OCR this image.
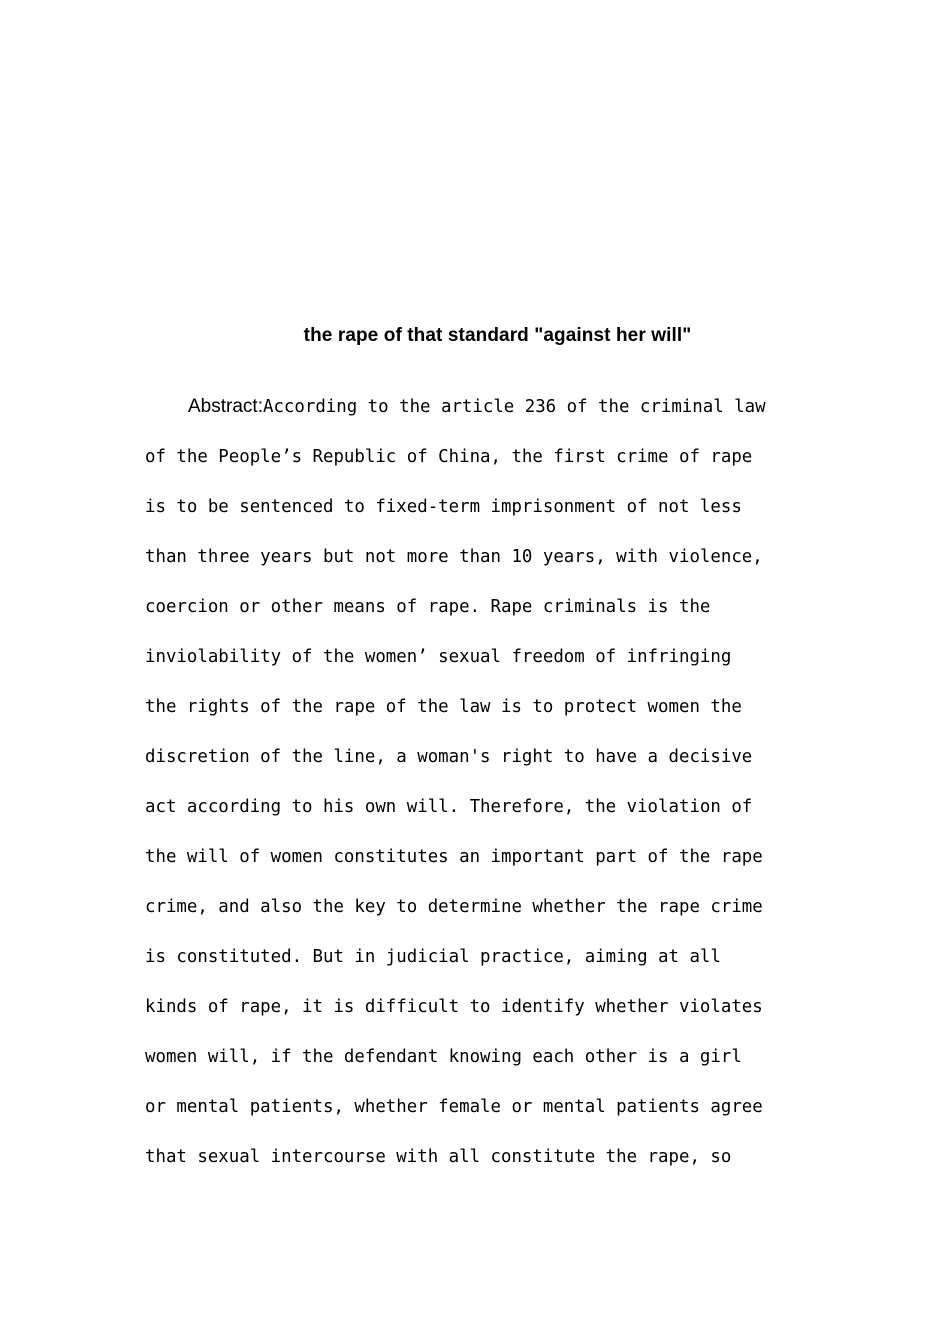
the rape of that standard "against her will"
Abstract:According to the article 236 of the criminal law
of the People’s Republic of China, the first crime of rape
is to be sentenced to fixed-term imprisonment of not less
than three years but not more than 10 years, with violence,
coercion or other means of rape. Rape criminals is the
inviolability of the women’ sexual freedom of infringing
the rights of the rape of the law is to protect women the
discretion of the line, a woman's right to have a decisive
act according to his own will. Therefore, the violation of
the will of women constitutes an important part of the rape
crime, and also the key to determine whether the rape crime
is constituted. But in judicial practice, aiming at all
kinds of rape, it is difficult to identify whether violates
women will, if the defendant knowing each other is a girl
or mental patients, whether female or mental patients agree
that sexual intercourse with all constitute the rape, so
